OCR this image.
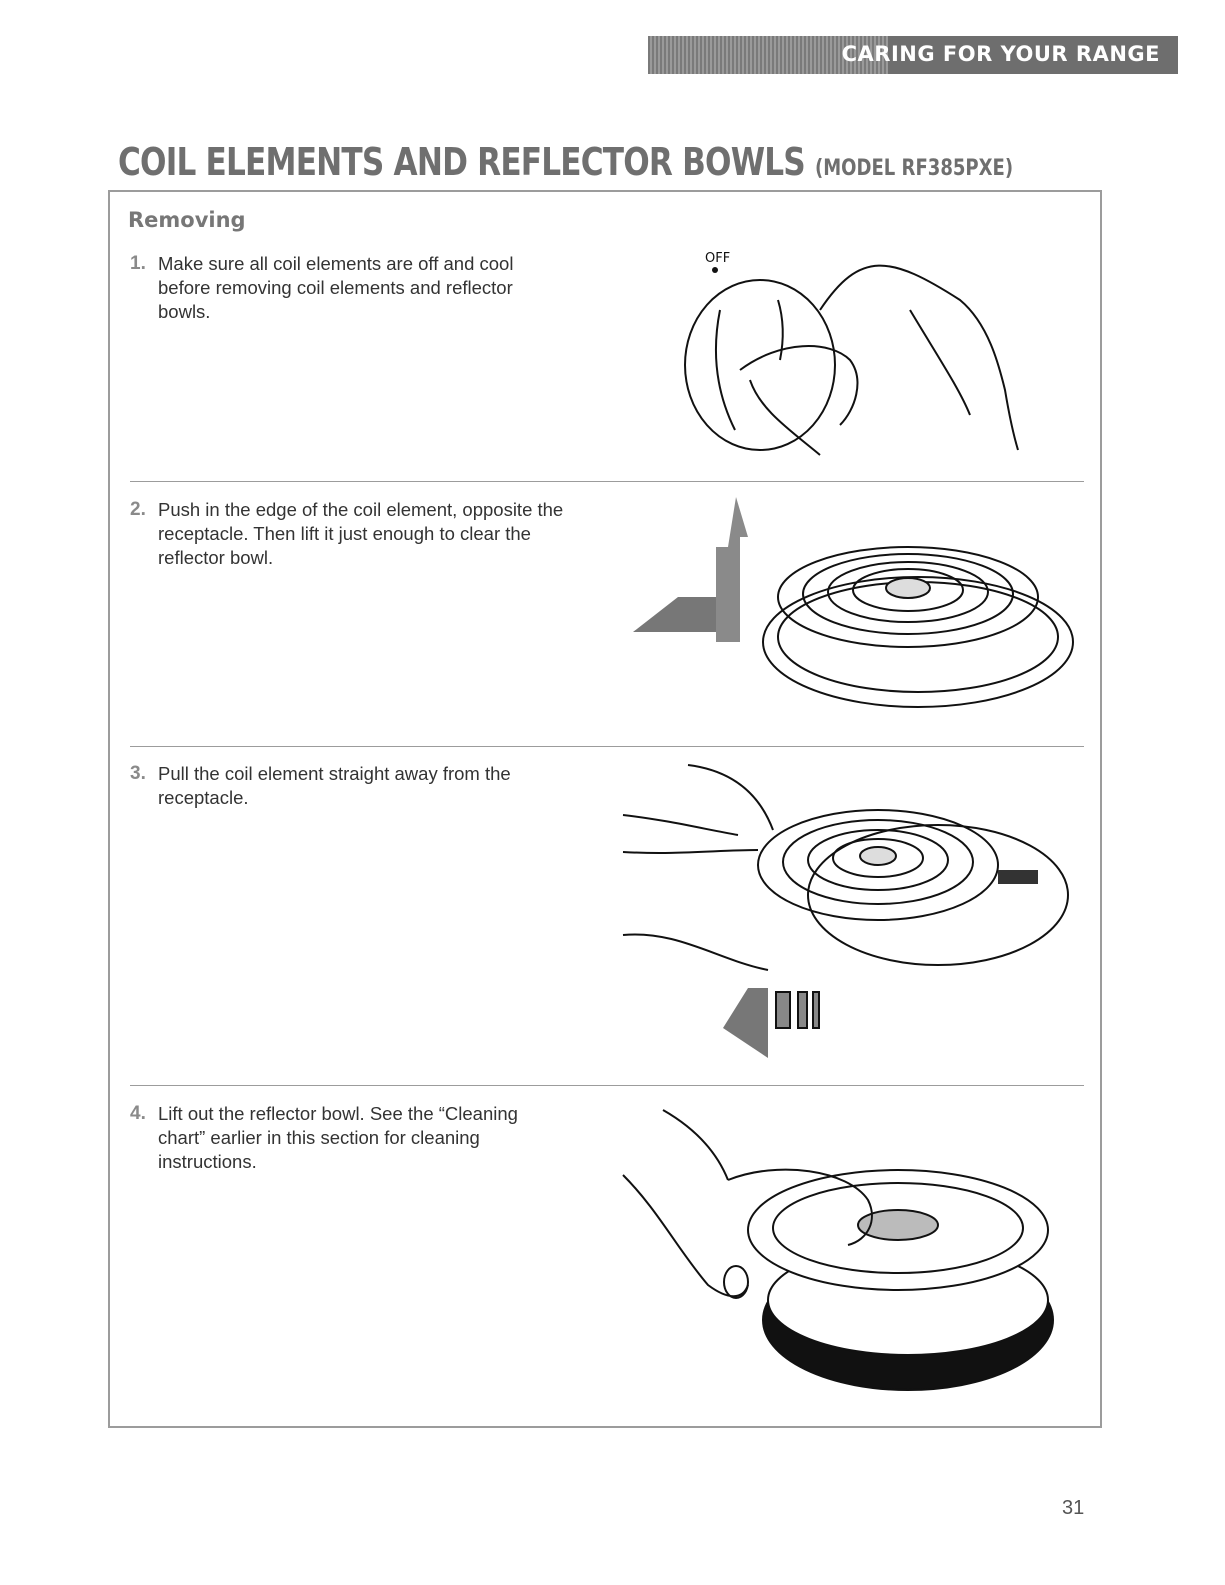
CARING FOR YOUR RANGE
COIL ELEMENTS AND REFLECTOR BOWLS (MODEL RF385PXE)
Removing
1. Make sure all coil elements are off and cool before removing coil elements and reflector bowls.
OFF
2. Push in the edge of the coil element, opposite the receptacle. Then lift it just enough to clear the reflector bowl.
3. Pull the coil element straight away from the receptacle.
4. Lift out the reflector bowl. See the “Cleaning chart” earlier in this section for cleaning instructions.
31
